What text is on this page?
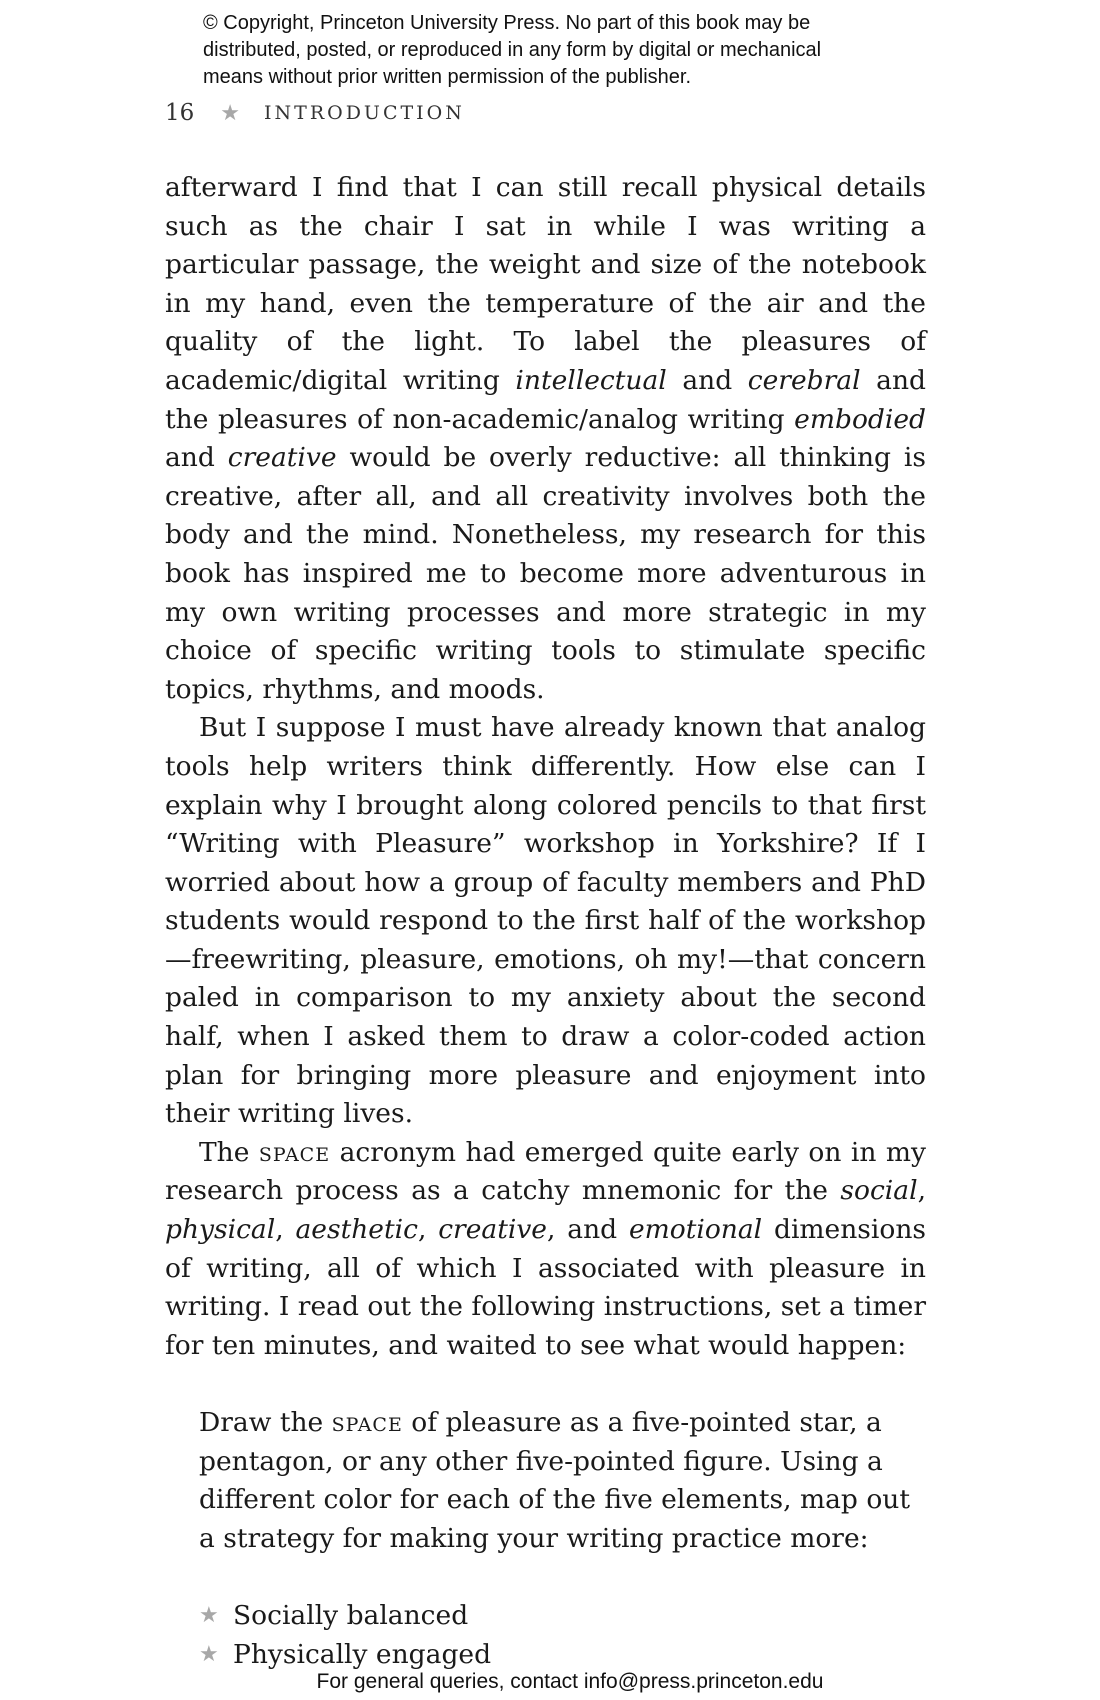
© Copyright, Princeton University Press. No part of this book may be
distributed, posted, or reproduced in any form by digital or mechanical
means without prior written permission of the publisher.
16 ★ INTRODUCTION

afterward I find that I can still recall physical details such as the chair I sat in while I was writing a particular passage, the weight and size of the notebook in my hand, even the temperature of the air and the quality of the light. To label the pleasures of academic/digital writing intellectual and cerebral and the pleasures of non-academic/analog writing embodied and creative would be overly reductive: all thinking is creative, after all, and all creativity involves both the body and the mind. Nonetheless, my research for this book has inspired me to become more adventurous in my own writing processes and more strategic in my choice of specific writing tools to stimulate specific topics, rhythms, and moods.

But I suppose I must have already known that analog tools help writers think differently. How else can I explain why I brought along colored pencils to that first “Writing with Pleasure” workshop in Yorkshire? If I worried about how a group of faculty members and PhD students would respond to the first half of the workshop—freewriting, pleasure, emotions, oh my!—that concern paled in comparison to my anxiety about the second half, when I asked them to draw a color-coded action plan for bringing more pleasure and enjoyment into their writing lives.

The space acronym had emerged quite early on in my research process as a catchy mnemonic for the social, physical, aesthetic, creative, and emotional dimensions of writing, all of which I associated with pleasure in writing. I read out the following instructions, set a timer for ten minutes, and waited to see what would happen:

Draw the space of pleasure as a five-pointed star, a pentagon, or any other five-pointed figure. Using a different color for each of the five elements, map out a strategy for making your writing practice more:

★ Socially balanced
★ Physically engaged
For general queries, contact info@press.princeton.edu
